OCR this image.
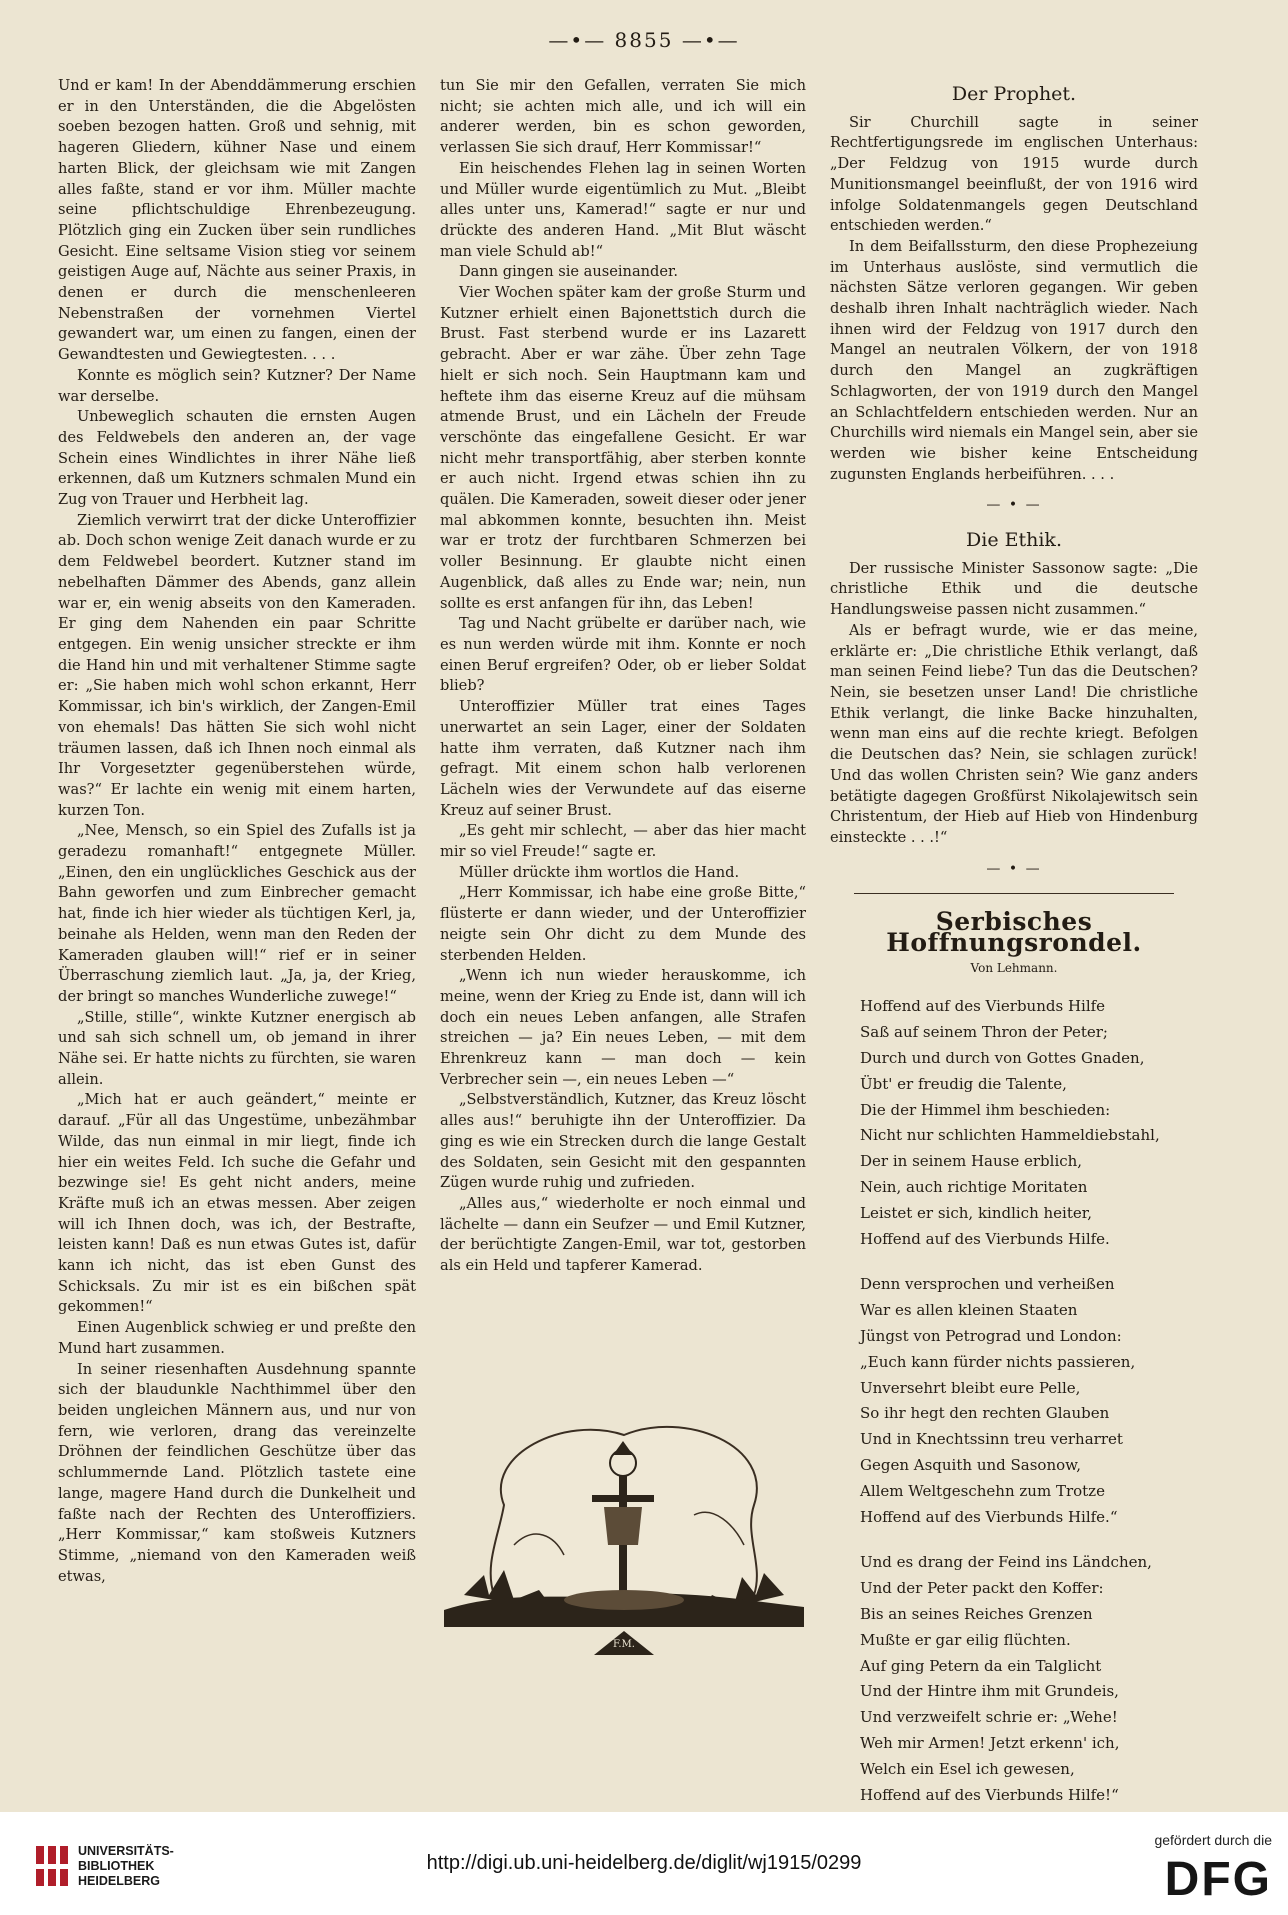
—•— 8855 —•—

Und er kam! In der Abenddämmerung erschien er in den Unterständen, die die Abgelösten soeben bezogen hatten. Groß und sehnig, mit hageren Gliedern, kühner Nase und einem harten Blick, der gleichsam wie mit Zangen alles faßte, stand er vor ihm. Müller machte seine pflichtschuldige Ehrenbezeugung. Plötzlich ging ein Zucken über sein rundliches Gesicht. Eine seltsame Vision stieg vor seinem geistigen Auge auf, Nächte aus seiner Praxis, in denen er durch die menschenleeren Nebenstraßen der vornehmen Viertel gewandert war, um einen zu fangen, einen der Gewandtesten und Gewiegtesten. . . .

Konnte es möglich sein? Kutzner? Der Name war derselbe.

Unbeweglich schauten die ernsten Augen des Feldwebels den anderen an, der vage Schein eines Windlichtes in ihrer Nähe ließ erkennen, daß um Kutzners schmalen Mund ein Zug von Trauer und Herbheit lag.

Ziemlich verwirrt trat der dicke Unteroffizier ab. Doch schon wenige Zeit danach wurde er zu dem Feldwebel beordert. Kutzner stand im nebelhaften Dämmer des Abends, ganz allein war er, ein wenig abseits von den Kameraden. Er ging dem Nahenden ein paar Schritte entgegen. Ein wenig unsicher streckte er ihm die Hand hin und mit verhaltener Stimme sagte er: „Sie haben mich wohl schon erkannt, Herr Kommissar, ich bin's wirklich, der Zangen-Emil von ehemals! Das hätten Sie sich wohl nicht träumen lassen, daß ich Ihnen noch einmal als Ihr Vorgesetzter gegenüberstehen würde, was?“ Er lachte ein wenig mit einem harten, kurzen Ton.

„Nee, Mensch, so ein Spiel des Zufalls ist ja geradezu romanhaft!“ entgegnete Müller. „Einen, den ein unglückliches Geschick aus der Bahn geworfen und zum Einbrecher gemacht hat, finde ich hier wieder als tüchtigen Kerl, ja, beinahe als Helden, wenn man den Reden der Kameraden glauben will!“ rief er in seiner Überraschung ziemlich laut. „Ja, ja, der Krieg, der bringt so manches Wunderliche zuwege!“

„Stille, stille“, winkte Kutzner energisch ab und sah sich schnell um, ob jemand in ihrer Nähe sei. Er hatte nichts zu fürchten, sie waren allein.

„Mich hat er auch geändert,“ meinte er darauf. „Für all das Ungestüme, unbezähmbar Wilde, das nun einmal in mir liegt, finde ich hier ein weites Feld. Ich suche die Gefahr und bezwinge sie! Es geht nicht anders, meine Kräfte muß ich an etwas messen. Aber zeigen will ich Ihnen doch, was ich, der Bestrafte, leisten kann! Daß es nun etwas Gutes ist, dafür kann ich nicht, das ist eben Gunst des Schicksals. Zu mir ist es ein bißchen spät gekommen!“

Einen Augenblick schwieg er und preßte den Mund hart zusammen.

In seiner riesenhaften Ausdehnung spannte sich der blaudunkle Nachthimmel über den beiden ungleichen Männern aus, und nur von fern, wie verloren, drang das vereinzelte Dröhnen der feindlichen Geschütze über das schlummernde Land. Plötzlich tastete eine lange, magere Hand durch die Dunkelheit und faßte nach der Rechten des Unteroffiziers. „Herr Kommissar,“ kam stoßweis Kutzners Stimme, „niemand von den Kameraden weiß etwas,

tun Sie mir den Gefallen, verraten Sie mich nicht; sie achten mich alle, und ich will ein anderer werden, bin es schon geworden, verlassen Sie sich drauf, Herr Kommissar!“

Ein heischendes Flehen lag in seinen Worten und Müller wurde eigentümlich zu Mut. „Bleibt alles unter uns, Kamerad!“ sagte er nur und drückte des anderen Hand. „Mit Blut wäscht man viele Schuld ab!“

Dann gingen sie auseinander.

Vier Wochen später kam der große Sturm und Kutzner erhielt einen Bajonettstich durch die Brust. Fast sterbend wurde er ins Lazarett gebracht. Aber er war zähe. Über zehn Tage hielt er sich noch. Sein Hauptmann kam und heftete ihm das eiserne Kreuz auf die mühsam atmende Brust, und ein Lächeln der Freude verschönte das eingefallene Gesicht. Er war nicht mehr transportfähig, aber sterben konnte er auch nicht. Irgend etwas schien ihn zu quälen. Die Kameraden, soweit dieser oder jener mal abkommen konnte, besuchten ihn. Meist war er trotz der furchtbaren Schmerzen bei voller Besinnung. Er glaubte nicht einen Augenblick, daß alles zu Ende war; nein, nun sollte es erst anfangen für ihn, das Leben!

Tag und Nacht grübelte er darüber nach, wie es nun werden würde mit ihm. Konnte er noch einen Beruf ergreifen? Oder, ob er lieber Soldat blieb?

Unteroffizier Müller trat eines Tages unerwartet an sein Lager, einer der Soldaten hatte ihm verraten, daß Kutzner nach ihm gefragt. Mit einem schon halb verlorenen Lächeln wies der Verwundete auf das eiserne Kreuz auf seiner Brust.

„Es geht mir schlecht, — aber das hier macht mir so viel Freude!“ sagte er.

Müller drückte ihm wortlos die Hand.

„Herr Kommissar, ich habe eine große Bitte,“ flüsterte er dann wieder, und der Unteroffizier neigte sein Ohr dicht zu dem Munde des sterbenden Helden.

„Wenn ich nun wieder herauskomme, ich meine, wenn der Krieg zu Ende ist, dann will ich doch ein neues Leben anfangen, alle Strafen streichen — ja? Ein neues Leben, — mit dem Ehrenkreuz kann — man doch — kein Verbrecher sein —, ein neues Leben —“

„Selbstverständlich, Kutzner, das Kreuz löscht alles aus!“ beruhigte ihn der Unteroffizier. Da ging es wie ein Strecken durch die lange Gestalt des Soldaten, sein Gesicht mit den gespannten Zügen wurde ruhig und zufrieden.

„Alles aus,“ wiederholte er noch einmal und lächelte — dann ein Seufzer — und Emil Kutzner, der berüchtigte Zangen-Emil, war tot, gestorben als ein Held und tapferer Kamerad.

F.M.
Der Prophet.

Sir Churchill sagte in seiner Rechtfertigungsrede im englischen Unterhaus: „Der Feldzug von 1915 wurde durch Munitionsmangel beeinflußt, der von 1916 wird infolge Soldatenmangels gegen Deutschland entschieden werden.“

In dem Beifallssturm, den diese Prophezeiung im Unterhaus auslöste, sind vermutlich die nächsten Sätze verloren gegangen. Wir geben deshalb ihren Inhalt nachträglich wieder. Nach ihnen wird der Feldzug von 1917 durch den Mangel an neutralen Völkern, der von 1918 durch den Mangel an zugkräftigen Schlagworten, der von 1919 durch den Mangel an Schlachtfeldern entschieden werden. Nur an Churchills wird niemals ein Mangel sein, aber sie werden wie bisher keine Entscheidung zugunsten Englands herbeiführen. . . .

— • —
Die Ethik.

Der russische Minister Sassonow sagte: „Die christliche Ethik und die deutsche Handlungsweise passen nicht zusammen.“

Als er befragt wurde, wie er das meine, erklärte er: „Die christliche Ethik verlangt, daß man seinen Feind liebe? Tun das die Deutschen? Nein, sie besetzen unser Land! Die christliche Ethik verlangt, die linke Backe hinzuhalten, wenn man eins auf die rechte kriegt. Befolgen die Deutschen das? Nein, sie schlagen zurück! Und das wollen Christen sein? Wie ganz anders betätigte dagegen Großfürst Nikolajewitsch sein Christentum, der Hieb auf Hieb von Hindenburg einsteckte . . .!“

— • —
Serbisches Hoffnungsrondel.
Von Lehmann.
Hoffend auf des Vierbunds Hilfe
Saß auf seinem Thron der Peter;
Durch und durch von Gottes Gnaden,
Übt' er freudig die Talente,
Die der Himmel ihm beschieden:
Nicht nur schlichten Hammeldiebstahl,
Der in seinem Hause erblich,
Nein, auch richtige Moritaten
Leistet er sich, kindlich heiter,
Hoffend auf des Vierbunds Hilfe.
Denn versprochen und verheißen
War es allen kleinen Staaten
Jüngst von Petrograd und London:
„Euch kann fürder nichts passieren,
Unversehrt bleibt eure Pelle,
So ihr hegt den rechten Glauben
Und in Knechtssinn treu verharret
Gegen Asquith und Sasonow,
Allem Weltgeschehn zum Trotze
Hoffend auf des Vierbunds Hilfe.“
Und es drang der Feind ins Ländchen,
Und der Peter packt den Koffer:
Bis an seines Reiches Grenzen
Mußte er gar eilig flüchten.
Auf ging Petern da ein Talglicht
Und der Hintre ihm mit Grundeis,
Und verzweifelt schrie er: „Wehe!
Weh mir Armen! Jetzt erkenn' ich,
Welch ein Esel ich gewesen,
Hoffend auf des Vierbunds Hilfe!“
UNIVERSITÄTS-
BIBLIOTHEK
HEIDELBERG
http://digi.ub.uni-heidelberg.de/diglit/wj1915/0299
gefördert durch die
DFG
